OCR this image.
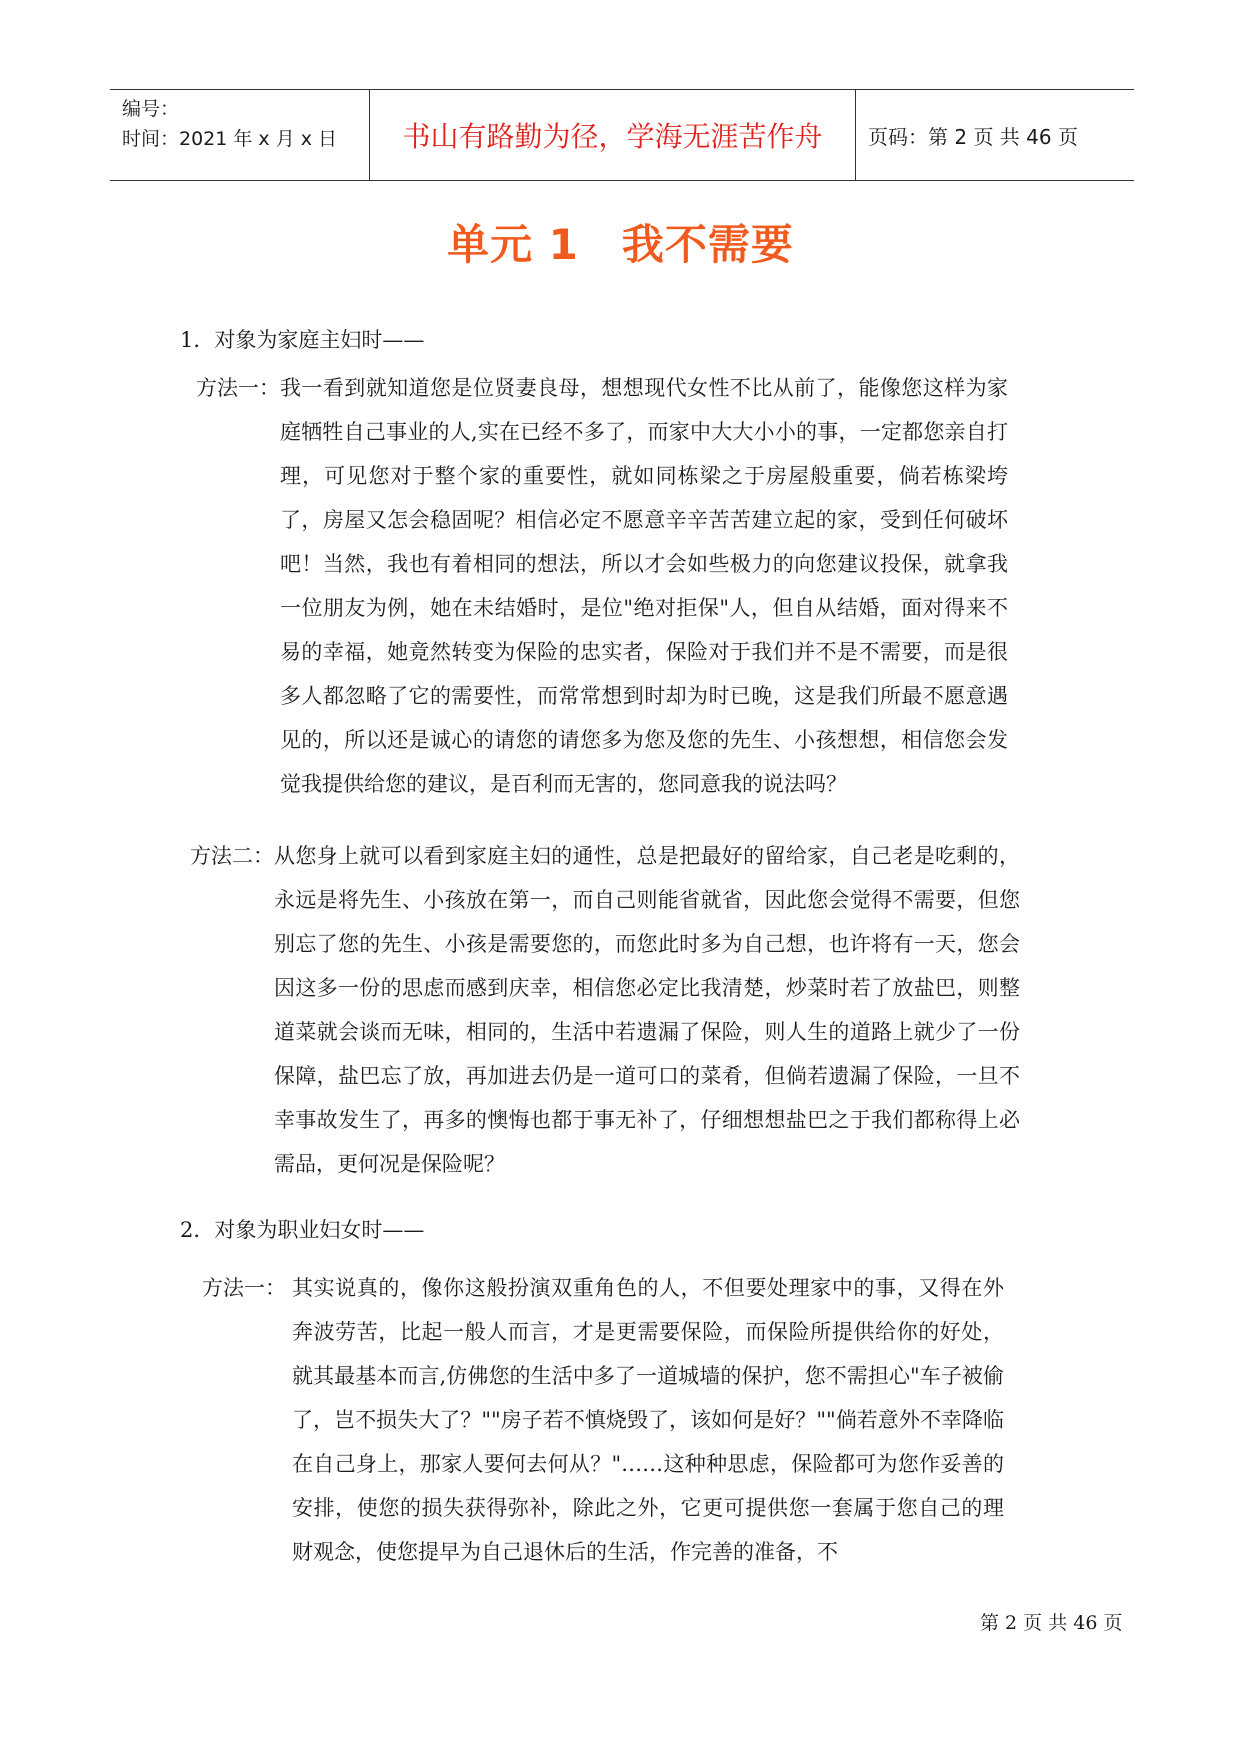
编号：
时间：2021 年 x 月 x 日	书山有路勤为径，学海无涯苦作舟	页码：第 2 页 共 46 页
单元 1　我不需要
1．对象为家庭主妇时——
方法一： 我一看到就知道您是位贤妻良母，想想现代女性不比从前了，能像您这样为家庭牺牲自己事业的人,实在已经不多了，而家中大大小小的事，一定都您亲自打理，可见您对于整个家的重要性，就如同栋梁之于房屋般重要，倘若栋梁垮了，房屋又怎会稳固呢？相信必定不愿意辛辛苦苦建立起的家，受到任何破坏吧！当然，我也有着相同的想法，所以才会如些极力的向您建议投保，就拿我一位朋友为例，她在未结婚时，是位"绝对拒保"人，但自从结婚，面对得来不易的幸福，她竟然转变为保险的忠实者，保险对于我们并不是不需要，而是很多人都忽略了它的需要性，而常常想到时却为时已晚，这是我们所最不愿意遇见的，所以还是诚心的请您的请您多为您及您的先生、小孩想想，相信您会发觉我提供给您的建议，是百利而无害的，您同意我的说法吗？
方法二： 从您身上就可以看到家庭主妇的通性，总是把最好的留给家，自己老是吃剩的，永远是将先生、小孩放在第一，而自己则能省就省，因此您会觉得不需要，但您别忘了您的先生、小孩是需要您的，而您此时多为自己想，也许将有一天，您会因这多一份的思虑而感到庆幸，相信您必定比我清楚，炒菜时若了放盐巴，则整道菜就会谈而无味，相同的，生活中若遗漏了保险，则人生的道路上就少了一份保障，盐巴忘了放，再加进去仍是一道可口的菜肴，但倘若遗漏了保险，一旦不幸事故发生了，再多的懊悔也都于事无补了，仔细想想盐巴之于我们都称得上必需品，更何况是保险呢？
2．对象为职业妇女时——
方法一： 其实说真的，像你这般扮演双重角色的人，不但要处理家中的事，又得在外奔波劳苦，比起一般人而言，才是更需要保险，而保险所提供给你的好处，就其最基本而言,仿佛您的生活中多了一道城墙的保护，您不需担心"车子被偷了，岂不损失大了？""房子若不慎烧毁了，该如何是好？""倘若意外不幸降临在自己身上，那家人要何去何从？"……这种种思虑，保险都可为您作妥善的安排，使您的损失获得弥补，除此之外，它更可提供您一套属于您自己的理财观念，使您提早为自己退休后的生活，作完善的准备，不
第 2 页 共 46 页
